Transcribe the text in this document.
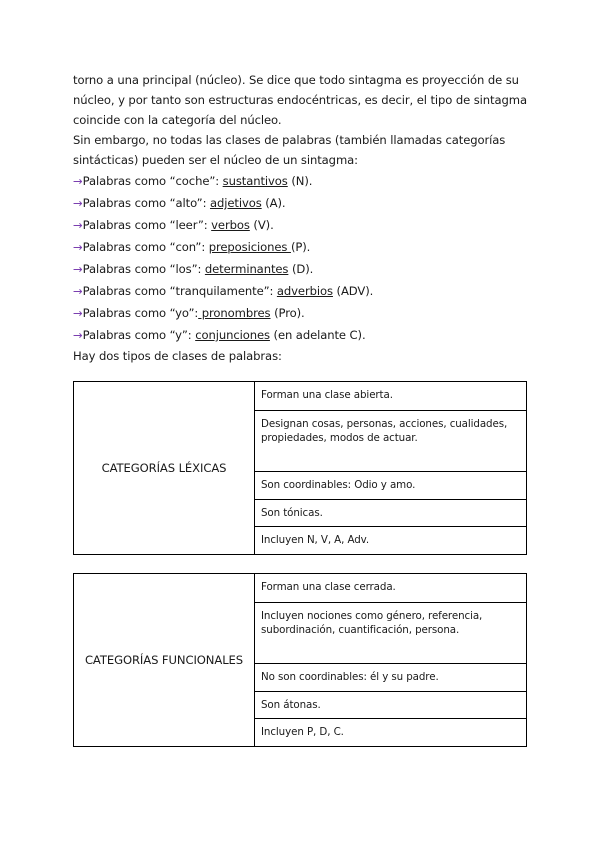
torno a una principal (núcleo). Se dice que todo sintagma es proyección de su

núcleo, y por tanto son estructuras endocéntricas, es decir, el tipo de sintagma

coincide con la categoría del núcleo.

Sin embargo, no todas las clases de palabras (también llamadas categorías

sintácticas) pueden ser el núcleo de un sintagma:

→Palabras como “coche”: sustantivos (N).
→Palabras como “alto”: adjetivos (A).
→Palabras como “leer”: verbos (V).
→Palabras como “con”: preposiciones (P).
→Palabras como “los”: determinantes (D).
→Palabras como “tranquilamente”: adverbios (ADV).
→Palabras como “yo”: pronombres (Pro).
→Palabras como “y”: conjunciones (en adelante C).

Hay dos tipos de clases de palabras:

CATEGORÍAS LÉXICAS	Forman una clase abierta.
Designan cosas, personas, acciones, cualidades, propiedades, modos de actuar.
Son coordinables: Odio y amo.
Son tónicas.
Incluyen N, V, A, Adv.
CATEGORÍAS FUNCIONALES	Forman una clase cerrada.
Incluyen nociones como género, referencia, subordinación, cuantificación, persona.
No son coordinables: él y su padre.
Son átonas.
Incluyen P, D, C.
